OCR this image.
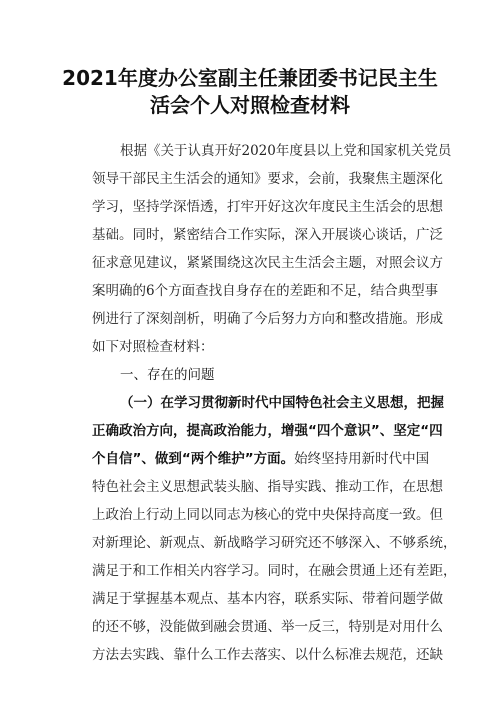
2021年度办公室副主任兼团委书记民主生
活会个人对照检查材料
根据《关于认真开好2020年度县以上党和国家机关党员
领导干部民主生活会的通知》要求，会前，我聚焦主题深化
学习，坚持学深悟透，打牢开好这次年度民主生活会的思想
基础。同时，紧密结合工作实际，深入开展谈心谈话，广泛
征求意见建议，紧紧围绕这次民主生活会主题，对照会议方
案明确的6个方面查找自身存在的差距和不足，结合典型事
例进行了深刻剖析，明确了今后努力方向和整改措施。形成
如下对照检查材料：
一、存在的问题
（一）在学习贯彻新时代中国特色社会主义思想，把握
正确政治方向，提高政治能力，增强“四个意识”、坚定“四
个自信”、做到“两个维护”方面。始终坚持用新时代中国
特色社会主义思想武装头脑、指导实践、推动工作，在思想
上政治上行动上同以同志为核心的党中央保持高度一致。但
对新理论、新观点、新战略学习研究还不够深入、不够系统，
满足于和工作相关内容学习。同时，在融会贯通上还有差距，
满足于掌握基本观点、基本内容，联系实际、带着问题学做
的还不够，没能做到融会贯通、举一反三，特别是对用什么
方法去实践、靠什么工作去落实、以什么标准去规范，还缺
